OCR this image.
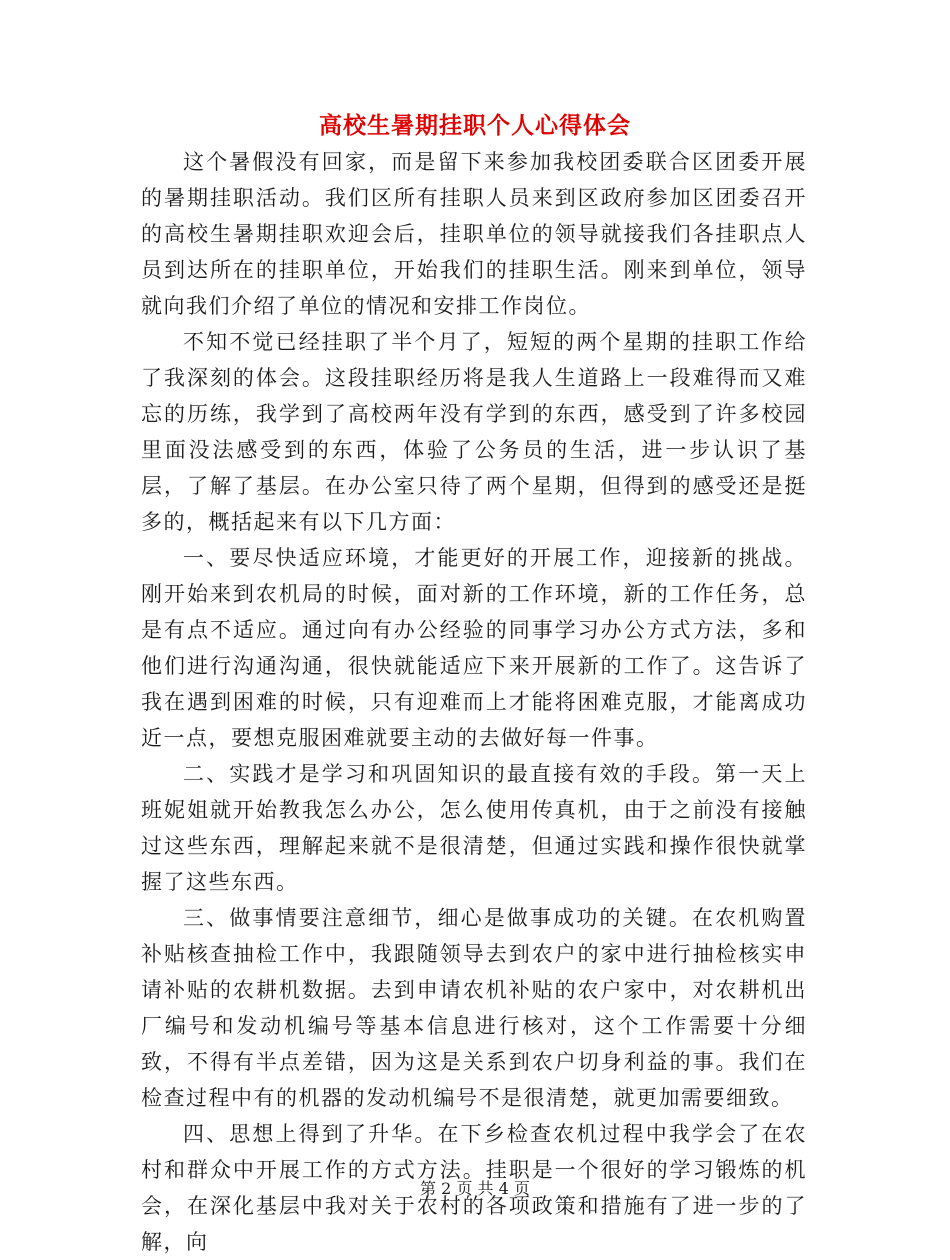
高校生暑期挂职个人心得体会

这个暑假没有回家，而是留下来参加我校团委联合区团委开展的暑期挂职活动。我们区所有挂职人员来到区政府参加区团委召开的高校生暑期挂职欢迎会后，挂职单位的领导就接我们各挂职点人员到达所在的挂职单位，开始我们的挂职生活。刚来到单位，领导就向我们介绍了单位的情况和安排工作岗位。

不知不觉已经挂职了半个月了，短短的两个星期的挂职工作给了我深刻的体会。这段挂职经历将是我人生道路上一段难得而又难忘的历练，我学到了高校两年没有学到的东西，感受到了许多校园里面没法感受到的东西，体验了公务员的生活，进一步认识了基层，了解了基层。在办公室只待了两个星期，但得到的感受还是挺多的，概括起来有以下几方面：

一、要尽快适应环境，才能更好的开展工作，迎接新的挑战。刚开始来到农机局的时候，面对新的工作环境，新的工作任务，总是有点不适应。通过向有办公经验的同事学习办公方式方法，多和他们进行沟通沟通，很快就能适应下来开展新的工作了。这告诉了我在遇到困难的时候，只有迎难而上才能将困难克服，才能离成功近一点，要想克服困难就要主动的去做好每一件事。

二、实践才是学习和巩固知识的最直接有效的手段。第一天上班妮姐就开始教我怎么办公，怎么使用传真机，由于之前没有接触过这些东西，理解起来就不是很清楚，但通过实践和操作很快就掌握了这些东西。

三、做事情要注意细节，细心是做事成功的关键。在农机购置补贴核查抽检工作中，我跟随领导去到农户的家中进行抽检核实申请补贴的农耕机数据。去到申请农机补贴的农户家中，对农耕机出厂编号和发动机编号等基本信息进行核对，这个工作需要十分细致，不得有半点差错，因为这是关系到农户切身利益的事。我们在检查过程中有的机器的发动机编号不是很清楚，就更加需要细致。

四、思想上得到了升华。在下乡检查农机过程中我学会了在农村和群众中开展工作的方式方法。挂职是一个很好的学习锻炼的机会，在深化基层中我对关于农村的各项政策和措施有了进一步的了解，向

第 2 页 共 4 页
